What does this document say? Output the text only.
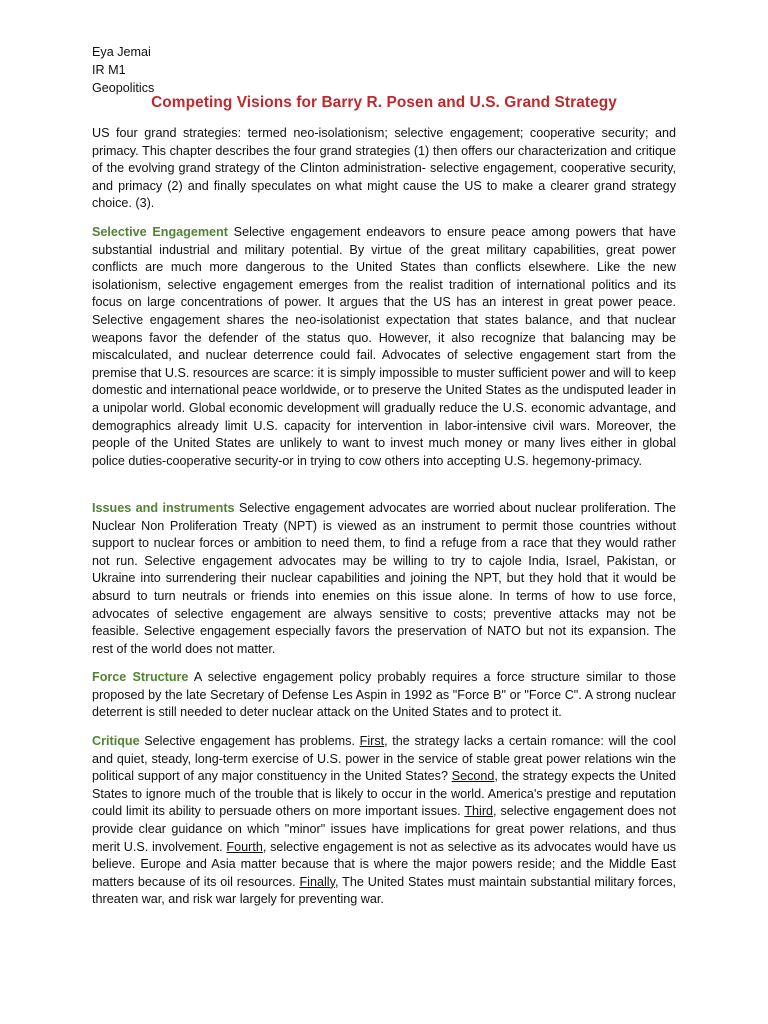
Eya Jemai
IR M1
Geopolitics
Competing Visions for Barry R. Posen and U.S. Grand Strategy

US four grand strategies: termed neo-isolationism; selective engagement; cooperative security; and primacy. This chapter describes the four grand strategies (1) then offers our characterization and critique of the evolving grand strategy of the Clinton administration- selective engagement, cooperative security, and primacy (2) and finally speculates on what might cause the US to make a clearer grand strategy choice. (3).

Selective Engagement Selective engagement endeavors to ensure peace among powers that have substantial industrial and military potential. By virtue of the great military capabilities, great power conflicts are much more dangerous to the United States than conflicts elsewhere. Like the new isolationism, selective engagement emerges from the realist tradition of international politics and its focus on large concentrations of power. It argues that the US has an interest in great power peace. Selective engagement shares the neo-isolationist expectation that states balance, and that nuclear weapons favor the defender of the status quo. However, it also recognize that balancing may be miscalculated, and nuclear deterrence could fail. Advocates of selective engagement start from the premise that U.S. resources are scarce: it is simply impossible to muster sufficient power and will to keep domestic and international peace worldwide, or to preserve the United States as the undisputed leader in a unipolar world. Global economic development will gradually reduce the U.S. economic advantage, and demographics already limit U.S. capacity for intervention in labor-intensive civil wars. Moreover, the people of the United States are unlikely to want to invest much money or many lives either in global police duties-cooperative security-or in trying to cow others into accepting U.S. hegemony-primacy.

Issues and instruments Selective engagement advocates are worried about nuclear proliferation. The Nuclear Non Proliferation Treaty (NPT) is viewed as an instrument to permit those countries without support to nuclear forces or ambition to need them, to find a refuge from a race that they would rather not run. Selective engagement advocates may be willing to try to cajole India, Israel, Pakistan, or Ukraine into surrendering their nuclear capabilities and joining the NPT, but they hold that it would be absurd to turn neutrals or friends into enemies on this issue alone. In terms of how to use force, advocates of selective engagement are always sensitive to costs; preventive attacks may not be feasible. Selective engagement especially favors the preservation of NATO but not its expansion. The rest of the world does not matter.

Force Structure A selective engagement policy probably requires a force structure similar to those proposed by the late Secretary of Defense Les Aspin in 1992 as "Force B" or "Force C". A strong nuclear deterrent is still needed to deter nuclear attack on the United States and to protect it.

Critique Selective engagement has problems. First, the strategy lacks a certain romance: will the cool and quiet, steady, long-term exercise of U.S. power in the service of stable great power relations win the political support of any major constituency in the United States? Second, the strategy expects the United States to ignore much of the trouble that is likely to occur in the world. America's prestige and reputation could limit its ability to persuade others on more important issues. Third, selective engagement does not provide clear guidance on which "minor" issues have implications for great power relations, and thus merit U.S. involvement. Fourth, selective engagement is not as selective as its advocates would have us believe. Europe and Asia matter because that is where the major powers reside; and the Middle East matters because of its oil resources. Finally, The United States must maintain substantial military forces, threaten war, and risk war largely for preventing war.
